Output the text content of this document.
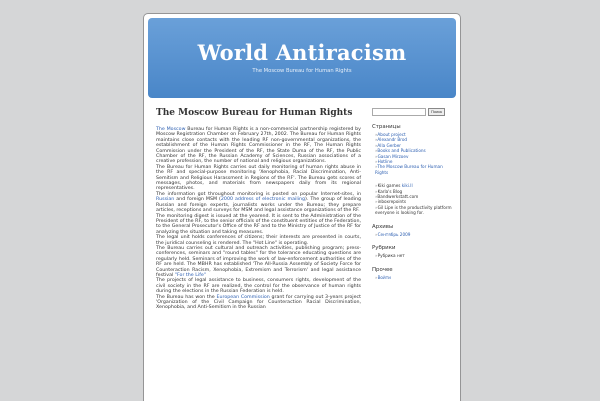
World Antiracism
The Moscow Bureau for Human Rights
The Moscow Bureau for Human Rights

The Moscow Bureau for Human Rights is a non-commercial partnership registered by Moscow Registration Chamber on February 27th, 2002. The Bureau for Human Rights maintains close contacts with the leading RF non-governmental organizations, the establishment of the Human Rights Commissioner in the RF, The Human Rights Commission under the President of the RF, the State Duma of the RF, the Public Chamber of the RF, the Russian Academy of Sciences, Russian associations of a creative profession, the number of national and religious organizations.

The Bureau for Human Rights carries out daily monitoring of human rights abuse in the RF and special-purpose monitoring 'Xenophobia, Racial Discrimination, Anti-Semitism and Religious Harassment in Regions of the RF'. The Bureau gets scores of messages, photos, and materials from newspapers daily from its regional representatives.

The information got throughout monitoring is posted on popular Internet-sites, in Russian and foreign MSM (2000 address of electronic mailing). The group of leading Russian and foreign experts, journalists works under the Bureau; they prepare articles, receptions and surveys for MSM and legal assistance organizations of the RF.

The monitoring digest is issued at the yearend. It is sent to the Administration of the President of the RF, to the senior officials of the constituent entities of the Federation, to the General Prosecutor's Office of the RF and to the Ministry of Justice of the RF for analyzing the situation and taking measures.

The legal unit holds conferences of citizens; their interests are presented in courts, the juridical counseling is rendered. The "Hot Line" is operating.

The Bureau carries out cultural and outreach activities, publishing program; press-conferences, seminars and "round tables" for the tolerance educating questions are regularly held. Seminars of improving the work of law-enforcement authorities of the RF are held. The MBHR has established 'The All-Russia Assembly of Society Force for Counteraction Racism, Xenophobia, Extremism and Terrorism' and legal assistance festival "For the Life"

The projects of legal assistance to business, consumers rights, development of the civil society in the RF are realized, the control for the observance of human rights during the elections in the Russian Federation is held.

The Bureau has won the European Commission grant for carrying out 3-years project 'Organization of the Civil Campaign for Counteraction Racial Discrimination, Xenophobia, and Anti-Semitism in the Russian

Поиск
Страницы
» About project
» Alexandr Brod
» Alla Gerber
» Books and Publications
» Gasan Mirzoev
» Hotline
» The Moscow Bureau for Human Rights
» Kiki games kiki.ll
» Karla's Blog
» Bandwerkstatt.com
» inboxrepoints
» Gil Lipe is the productivity platform everyone is looking for.
Архивы
» Сентябрь 2009
Рубрики
» Рубрика нет
Прочее
» Войти
